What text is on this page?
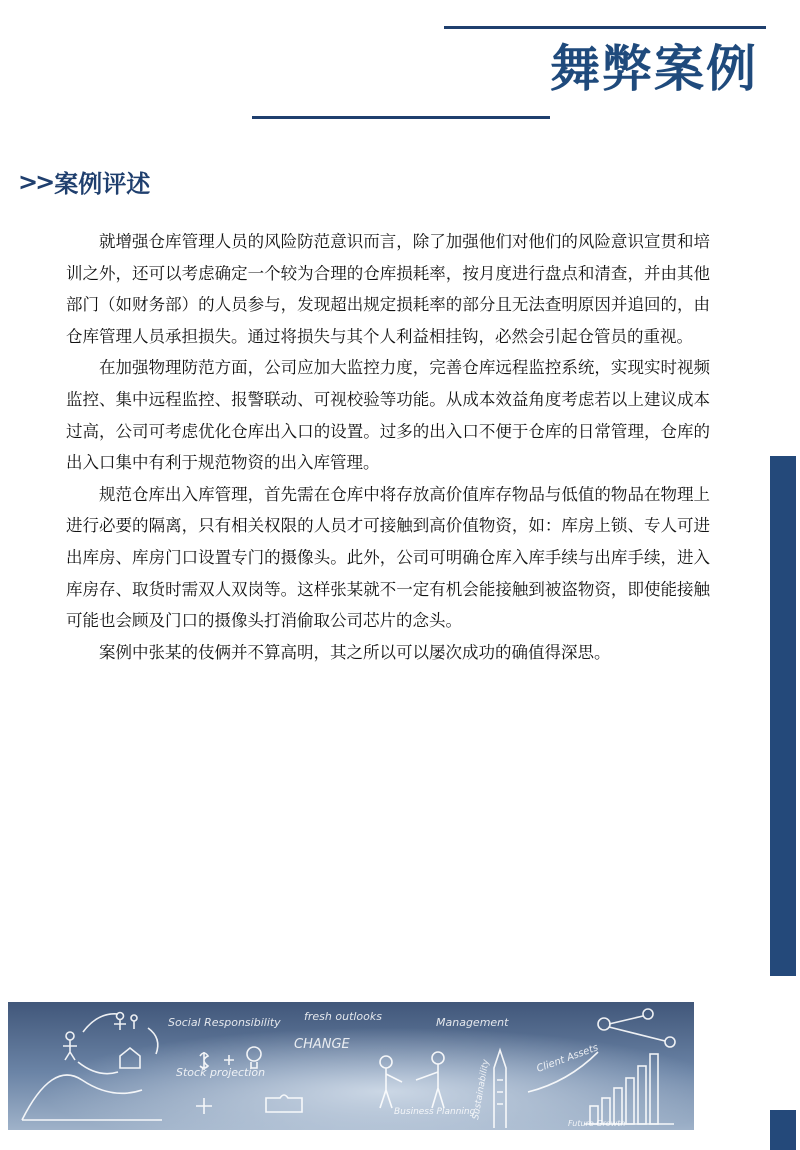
舞弊案例
>> 案例评述

就增强仓库管理人员的风险防范意识而言，除了加强他们对他们的风险意识宣贯和培训之外，还可以考虑确定一个较为合理的仓库损耗率，按月度进行盘点和清查，并由其他部门（如财务部）的人员参与，发现超出规定损耗率的部分且无法查明原因并追回的，由仓库管理人员承担损失。通过将损失与其个人利益相挂钩，必然会引起仓管员的重视。

在加强物理防范方面，公司应加大监控力度，完善仓库远程监控系统，实现实时视频监控、集中远程监控、报警联动、可视校验等功能。从成本效益角度考虑若以上建议成本过高，公司可考虑优化仓库出入口的设置。过多的出入口不便于仓库的日常管理，仓库的出入口集中有利于规范物资的出入库管理。

规范仓库出入库管理，首先需在仓库中将存放高价值库存物品与低值的物品在物理上进行必要的隔离，只有相关权限的人员才可接触到高价值物资，如：库房上锁、专人可进出库房、库房门口设置专门的摄像头。此外，公司可明确仓库入库手续与出库手续，进入库房存、取货时需双人双岗等。这样张某就不一定有机会能接触到被盗物资，即使能接触可能也会顾及门口的摄像头打消偷取公司芯片的念头。

案例中张某的伎俩并不算高明，其之所以可以屡次成功的确值得深思。

Social Responsibility fresh outlooks	Management
CHANGE
Stock projection
Business Planning
Sustainability
Client Assets
Future Growth
